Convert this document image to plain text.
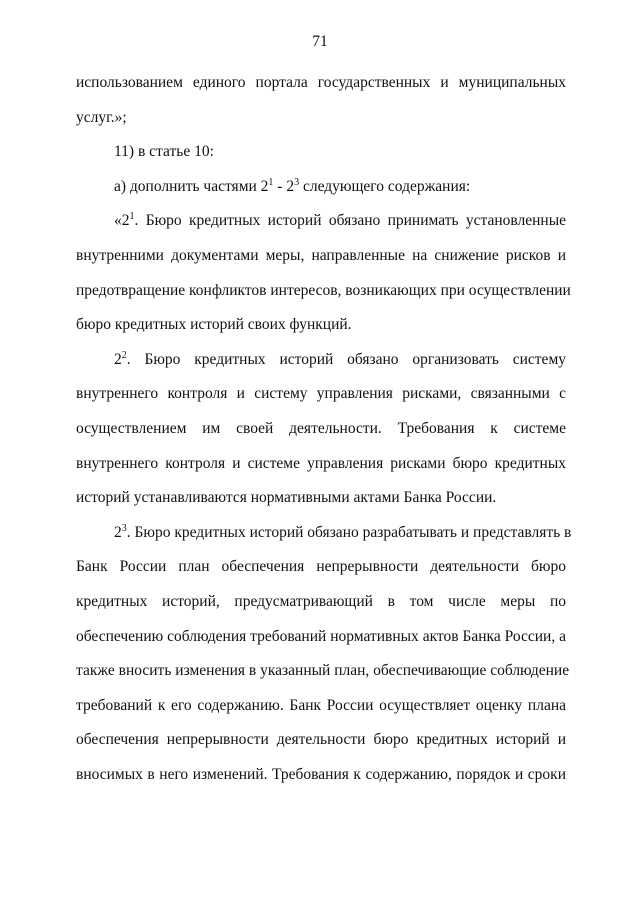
71
использованием единого портала государственных и муниципальных
услуг.»;
11) в статье 10:
а) дополнить частями $2^1 - 2^3$ следующего содержания:
«$2^1$. Бюро кредитных историй обязано принимать установленные
внутренними документами меры, направленные на снижение рисков и
предотвращение конфликтов интересов, возникающих при осуществлении
бюро кредитных историй своих функций.
$2^2$. Бюро кредитных историй обязано организовать систему
внутреннего контроля и систему управления рисками, связанными с
осуществлением им своей деятельности. Требования к системе
внутреннего контроля и системе управления рисками бюро кредитных
историй устанавливаются нормативными актами Банка России.
$2^3$. Бюро кредитных историй обязано разрабатывать и представлять в
Банк России план обеспечения непрерывности деятельности бюро
кредитных историй, предусматривающий в том числе меры по
обеспечению соблюдения требований нормативных актов Банка России, а
также вносить изменения в указанный план, обеспечивающие соблюдение
требований к его содержанию. Банк России осуществляет оценку плана
обеспечения непрерывности деятельности бюро кредитных историй и
вносимых в него изменений. Требования к содержанию, порядок и сроки
